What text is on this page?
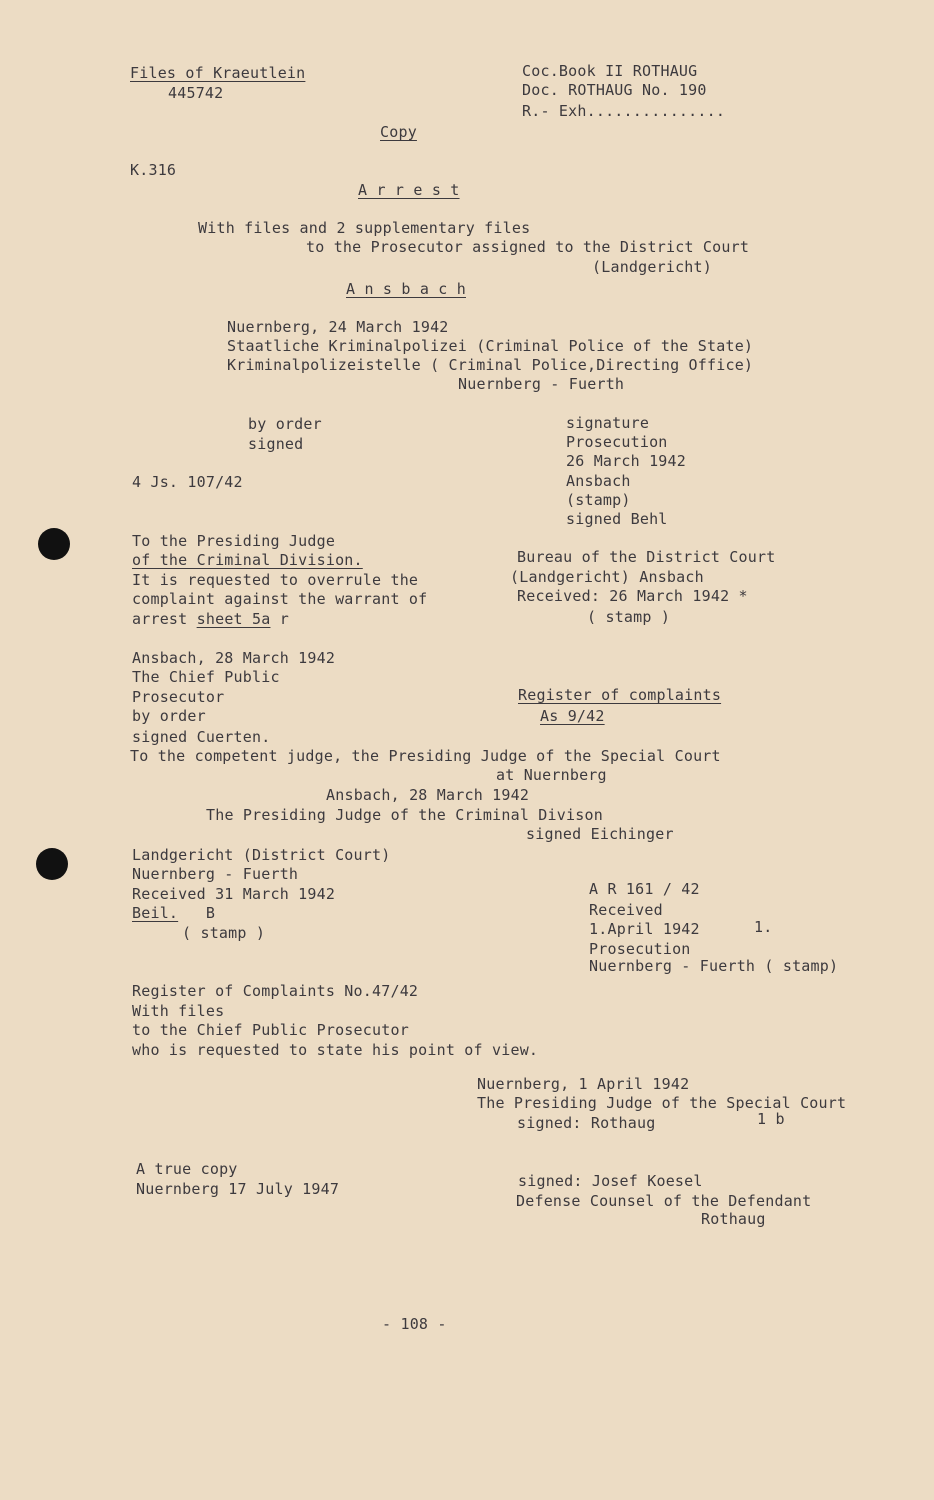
Files of Kraeutlein
445742
Coc.Book II ROTHAUG
Doc. ROTHAUG No. 190
R.- Exh...............
Copy
K.316
A r r e s t
With files and 2 supplementary files
to the Prosecutor assigned to the District Court
(Landgericht)
A n s b a c h
Nuernberg, 24 March 1942
Staatliche Kriminalpolizei (Criminal Police of the State)
Kriminalpolizeistelle ( Criminal Police,Directing Office)
Nuernberg - Fuerth
by order
signed
signature
Prosecution
26 March 1942
Ansbach
(stamp)
signed Behl
4 Js. 107/42
To the Presiding Judge
of the Criminal Division.
It is requested to overrule the
complaint against the warrant of
arrest sheet 5a r
Bureau of the District Court
(Landgericht) Ansbach
Received: 26 March 1942 *
( stamp )
Ansbach, 28 March 1942
The Chief Public
Prosecutor
by order
signed Cuerten.
Register of complaints
As 9/42
To the competent judge, the Presiding Judge of the Special Court
at Nuernberg
Ansbach, 28 March 1942
The Presiding Judge of the Criminal Divison
signed Eichinger
Landgericht (District Court)
Nuernberg - Fuerth
Received 31 March 1942
Beil. B
( stamp )
A R 161 / 42
Received
1.April 1942	1.
Prosecution
Nuernberg - Fuerth ( stamp)
Register of Complaints No.47/42
With files
to the Chief Public Prosecutor
who is requested to state his point of view.
Nuernberg, 1 April 1942
The Presiding Judge of the Special Court
signed: Rothaug	1 b
A true copy
Nuernberg 17 July 1947	signed: Josef Koesel
Defense Counsel of the Defendant
Rothaug
- 108 -
